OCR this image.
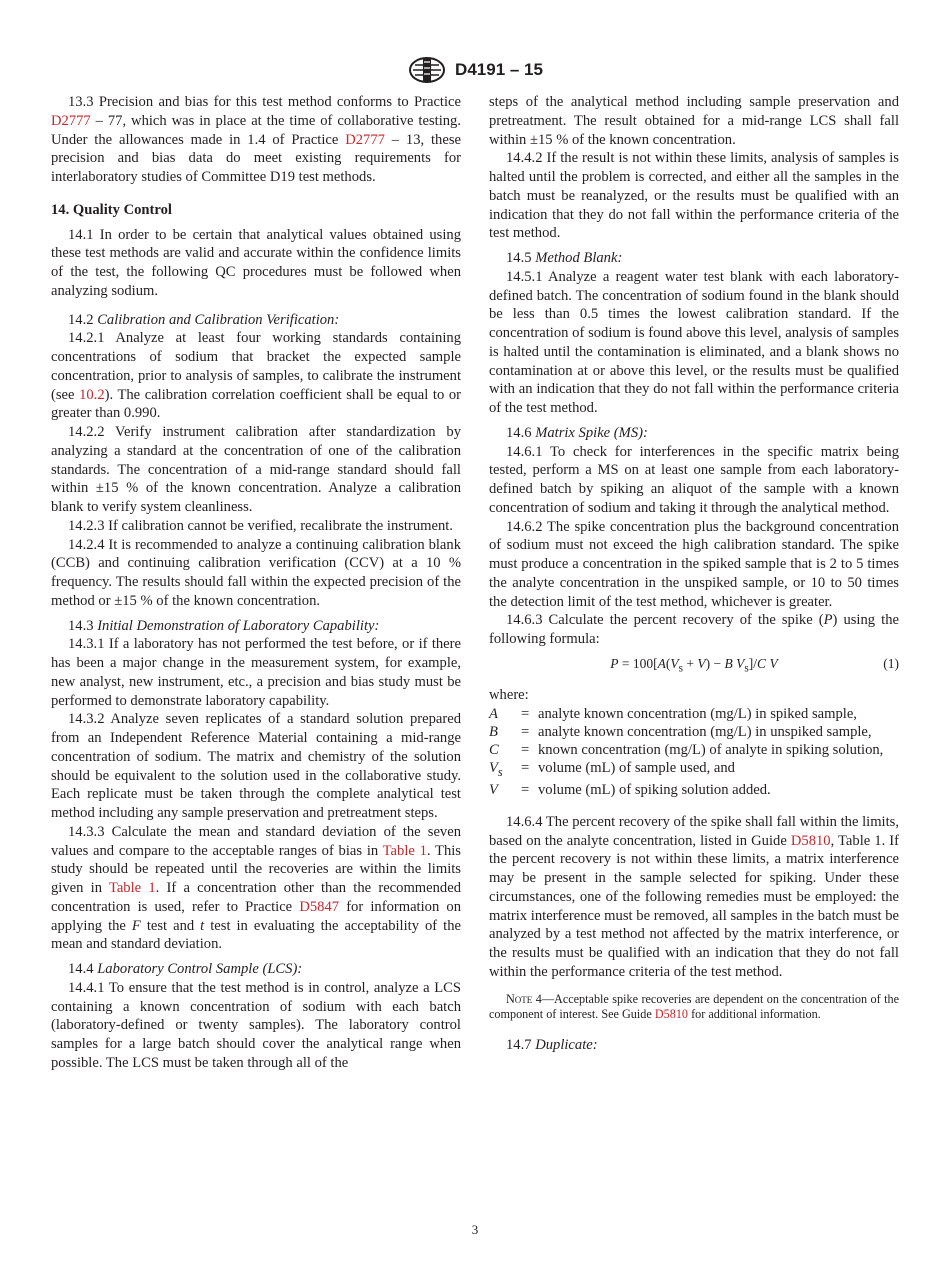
D4191 – 15

13.3 Precision and bias for this test method conforms to Practice D2777 – 77, which was in place at the time of collaborative testing. Under the allowances made in 1.4 of Practice D2777 – 13, these precision and bias data do meet existing requirements for interlaboratory studies of Committee D19 test methods.

14. Quality Control

14.1 In order to be certain that analytical values obtained using these test methods are valid and accurate within the confidence limits of the test, the following QC procedures must be followed when analyzing sodium.

14.2 Calibration and Calibration Verification:

14.2.1 Analyze at least four working standards containing concentrations of sodium that bracket the expected sample concentration, prior to analysis of samples, to calibrate the instrument (see 10.2). The calibration correlation coefficient shall be equal to or greater than 0.990.

14.2.2 Verify instrument calibration after standardization by analyzing a standard at the concentration of one of the calibration standards. The concentration of a mid-range standard should fall within ±15 % of the known concentration. Analyze a calibration blank to verify system cleanliness.

14.2.3 If calibration cannot be verified, recalibrate the instrument.

14.2.4 It is recommended to analyze a continuing calibration blank (CCB) and continuing calibration verification (CCV) at a 10 % frequency. The results should fall within the expected precision of the method or ±15 % of the known concentration.

14.3 Initial Demonstration of Laboratory Capability:

14.3.1 If a laboratory has not performed the test before, or if there has been a major change in the measurement system, for example, new analyst, new instrument, etc., a precision and bias study must be performed to demonstrate laboratory capability.

14.3.2 Analyze seven replicates of a standard solution prepared from an Independent Reference Material containing a mid-range concentration of sodium. The matrix and chemistry of the solution should be equivalent to the solution used in the collaborative study. Each replicate must be taken through the complete analytical test method including any sample preservation and pretreatment steps.

14.3.3 Calculate the mean and standard deviation of the seven values and compare to the acceptable ranges of bias in Table 1. This study should be repeated until the recoveries are within the limits given in Table 1. If a concentration other than the recommended concentration is used, refer to Practice D5847 for information on applying the F test and t test in evaluating the acceptability of the mean and standard deviation.

14.4 Laboratory Control Sample (LCS):

14.4.1 To ensure that the test method is in control, analyze a LCS containing a known concentration of sodium with each batch (laboratory-defined or twenty samples). The laboratory control samples for a large batch should cover the analytical range when possible. The LCS must be taken through all of the

steps of the analytical method including sample preservation and pretreatment. The result obtained for a mid-range LCS shall fall within ±15 % of the known concentration.

14.4.2 If the result is not within these limits, analysis of samples is halted until the problem is corrected, and either all the samples in the batch must be reanalyzed, or the results must be qualified with an indication that they do not fall within the performance criteria of the test method.

14.5 Method Blank:

14.5.1 Analyze a reagent water test blank with each laboratory-defined batch. The concentration of sodium found in the blank should be less than 0.5 times the lowest calibration standard. If the concentration of sodium is found above this level, analysis of samples is halted until the contamination is eliminated, and a blank shows no contamination at or above this level, or the results must be qualified with an indication that they do not fall within the performance criteria of the test method.

14.6 Matrix Spike (MS):

14.6.1 To check for interferences in the specific matrix being tested, perform a MS on at least one sample from each laboratory-defined batch by spiking an aliquot of the sample with a known concentration of sodium and taking it through the analytical method.

14.6.2 The spike concentration plus the background concentration of sodium must not exceed the high calibration standard. The spike must produce a concentration in the spiked sample that is 2 to 5 times the analyte concentration in the unspiked sample, or 10 to 50 times the detection limit of the test method, whichever is greater.

14.6.3 Calculate the percent recovery of the spike (P) using the following formula:

$P = 100[A(V_s + V) - B$ $V_s]/C$ V	(1)

where:

A	=	analyte known concentration (mg/L) in spiked sample,
B	=	analyte known concentration (mg/L) in unspiked sample,
C	=	known concentration (mg/L) of analyte in spiking solution,
$V_s$	=	volume (mL) of sample used, and
V	=	volume (mL) of spiking solution added.

14.6.4 The percent recovery of the spike shall fall within the limits, based on the analyte concentration, listed in Guide D5810, Table 1. If the percent recovery is not within these limits, a matrix interference may be present in the sample selected for spiking. Under these circumstances, one of the following remedies must be employed: the matrix interference must be removed, all samples in the batch must be analyzed by a test method not affected by the matrix interference, or the results must be qualified with an indication that they do not fall within the performance criteria of the test method.

Note 4—Acceptable spike recoveries are dependent on the concentration of the component of interest. See Guide D5810 for additional information.

14.7 Duplicate:

3
